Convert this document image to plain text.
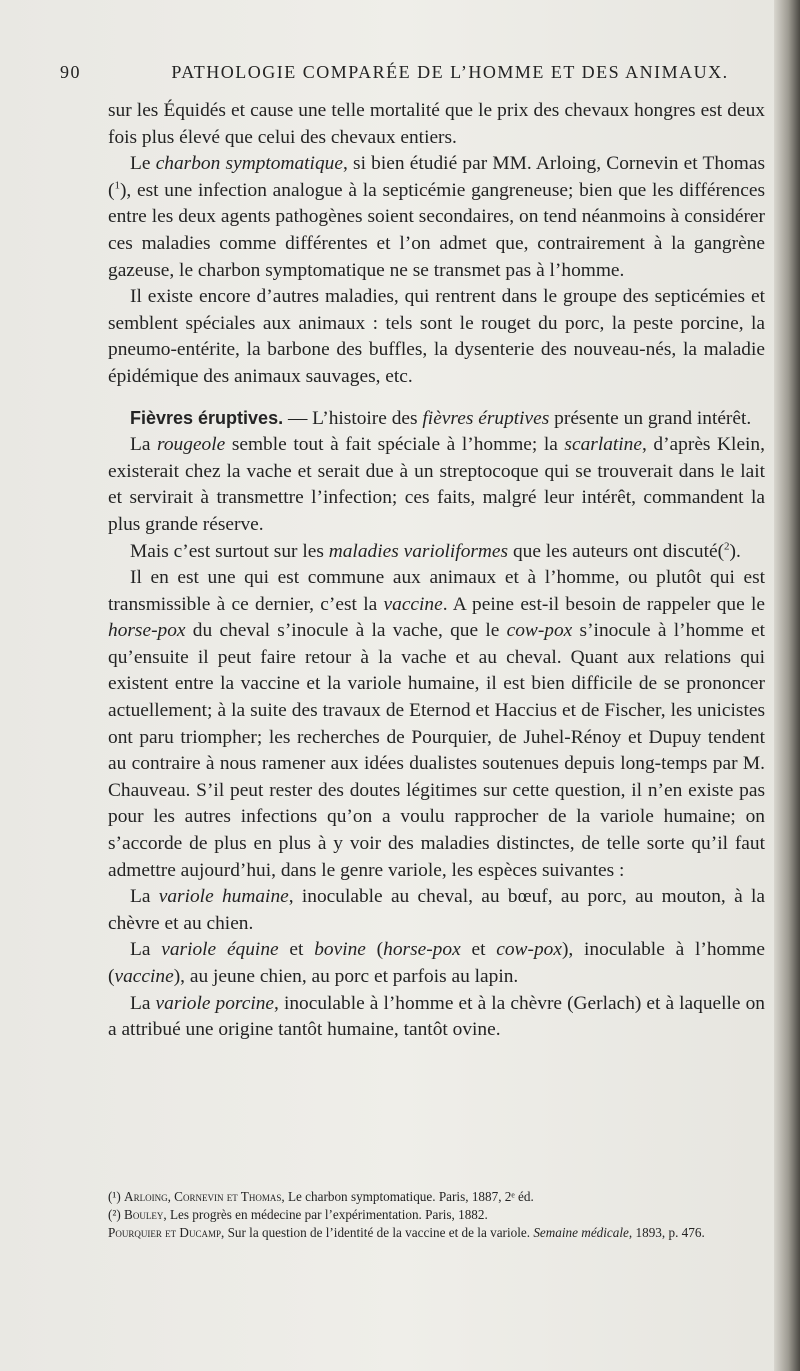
90	PATHOLOGIE COMPARÉE DE L’HOMME ET DES ANIMAUX.

sur les Équidés et cause une telle mortalité que le prix des chevaux hongres est deux fois plus élevé que celui des chevaux entiers.

Le charbon symptomatique, si bien étudié par MM. Arloing, Cornevin et Thomas ($^1$), est une infection analogue à la septicémie gangreneuse; bien que les différences entre les deux agents pathogènes soient secondaires, on tend néanmoins à considérer ces maladies comme différentes et l’on admet que, contrairement à la gangrène gazeuse, le charbon symptomatique ne se transmet pas à l’homme.

Il existe encore d’autres maladies, qui rentrent dans le groupe des septicémies et semblent spéciales aux animaux : tels sont le rouget du porc, la peste porcine, la pneumo-entérite, la barbone des buffles, la dysenterie des nouveau-nés, la maladie épidémique des animaux sauvages, etc.

Fièvres éruptives. — L’histoire des fièvres éruptives présente un grand intérêt.

La rougeole semble tout à fait spéciale à l’homme; la scarlatine, d’après Klein, existerait chez la vache et serait due à un streptocoque qui se trouverait dans le lait et servirait à transmettre l’infection; ces faits, malgré leur intérêt, commandent la plus grande réserve.

Mais c’est surtout sur les maladies varioliformes que les auteurs ont discuté($^2$).

Il en est une qui est commune aux animaux et à l’homme, ou plutôt qui est transmissible à ce dernier, c’est la vaccine. A peine est-il besoin de rappeler que le horse-pox du cheval s’inocule à la vache, que le cow-pox s’inocule à l’homme et qu’ensuite il peut faire retour à la vache et au cheval. Quant aux relations qui existent entre la vaccine et la variole humaine, il est bien difficile de se prononcer actuellement; à la suite des travaux de Eternod et Haccius et de Fischer, les unicistes ont paru triompher; les recherches de Pourquier, de Juhel-Rénoy et Dupuy tendent au contraire à nous ramener aux idées dualistes soutenues depuis long-temps par M. Chauveau. S’il peut rester des doutes légitimes sur cette question, il n’en existe pas pour les autres infections qu’on a voulu rapprocher de la variole humaine; on s’accorde de plus en plus à y voir des maladies distinctes, de telle sorte qu’il faut admettre aujourd’hui, dans le genre variole, les espèces suivantes :

La variole humaine, inoculable au cheval, au bœuf, au porc, au mouton, à la chèvre et au chien.

La variole équine et bovine (horse-pox et cow-pox), inoculable à l’homme (vaccine), au jeune chien, au porc et parfois au lapin.

La variole porcine, inoculable à l’homme et à la chèvre (Gerlach) et à laquelle on a attribué une origine tantôt humaine, tantôt ovine.

(¹) Arloing, Cornevin et Thomas, Le charbon symptomatique. Paris, 1887, 2ᵉ éd.

(²) Bouley, Les progrès en médecine par l’expérimentation. Paris, 1882.

Pourquier et Ducamp, Sur la question de l’identité de la vaccine et de la variole. Semaine médicale, 1893, p. 476.
